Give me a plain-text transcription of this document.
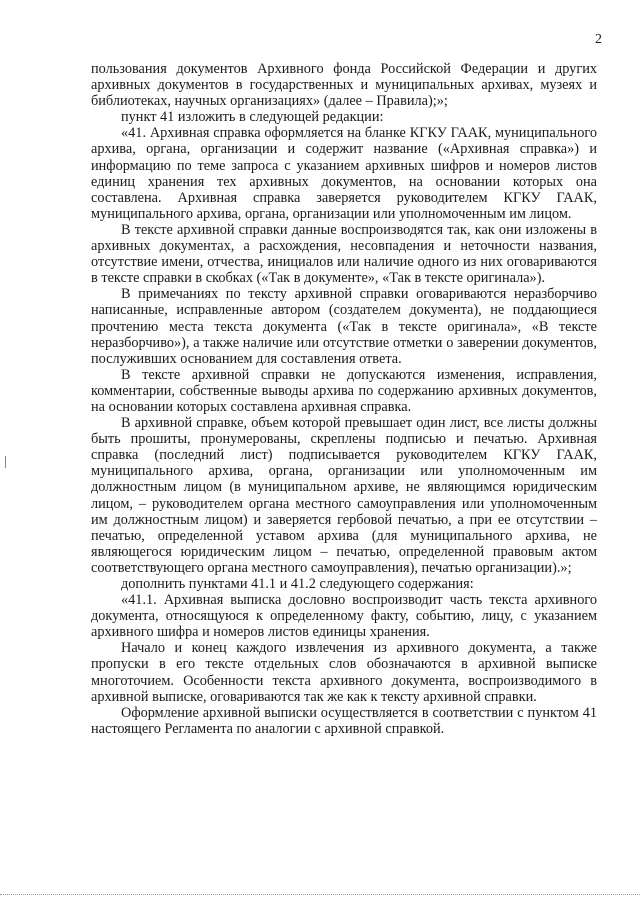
2

пользования документов Архивного фонда Российской Федерации и других архивных документов в государственных и муниципальных архивах, музеях и библиотеках, научных организациях» (далее – Правила);»;

пункт 41 изложить в следующей редакции:

«41. Архивная справка оформляется на бланке КГКУ ГААК, муниципального архива, органа, организации и содержит название («Архивная справка») и информацию по теме запроса с указанием архивных шифров и номеров листов единиц хранения тех архивных документов, на основании которых она составлена. Архивная справка заверяется руководителем КГКУ ГААК, муниципального архива, органа, организации или уполномоченным им лицом.

В тексте архивной справки данные воспроизводятся так, как они изложены в архивных документах, а расхождения, несовпадения и неточности названия, отсутствие имени, отчества, инициалов или наличие одного из них оговариваются в тексте справки в скобках («Так в документе», «Так в тексте оригинала»).

В примечаниях по тексту архивной справки оговариваются неразборчиво написанные, исправленные автором (создателем документа), не поддающиеся прочтению места текста документа («Так в тексте оригинала», «В тексте неразборчиво»), а также наличие или отсутствие отметки о заверении документов, послуживших основанием для составления ответа.

В тексте архивной справки не допускаются изменения, исправления, комментарии, собственные выводы архива по содержанию архивных документов, на основании которых составлена архивная справка.

В архивной справке, объем которой превышает один лист, все листы должны быть прошиты, пронумерованы, скреплены подписью и печатью. Архивная справка (последний лист) подписывается руководителем КГКУ ГААК, муниципального архива, органа, организации или уполномоченным им должностным лицом (в муниципальном архиве, не являющимся юридическим лицом, – руководителем органа местного самоуправления или уполномоченным им должностным лицом) и заверяется гербовой печатью, а при ее отсутствии – печатью, определенной уставом архива (для муниципального архива, не являющегося юридическим лицом – печатью, определенной правовым актом соответствующего органа местного самоуправления), печатью организации).»;

дополнить пунктами 41.1 и 41.2 следующего содержания:

«41.1. Архивная выписка дословно воспроизводит часть текста архивного документа, относящуюся к определенному факту, событию, лицу, с указанием архивного шифра и номеров листов единицы хранения.

Начало и конец каждого извлечения из архивного документа, а также пропуски в его тексте отдельных слов обозначаются в архивной выписке многоточием. Особенности текста архивного документа, воспроизводимого в архивной выписке, оговариваются так же как к тексту архивной справки.

Оформление архивной выписки осуществляется в соответствии с пунктом 41 настоящего Регламента по аналогии с архивной справкой.
